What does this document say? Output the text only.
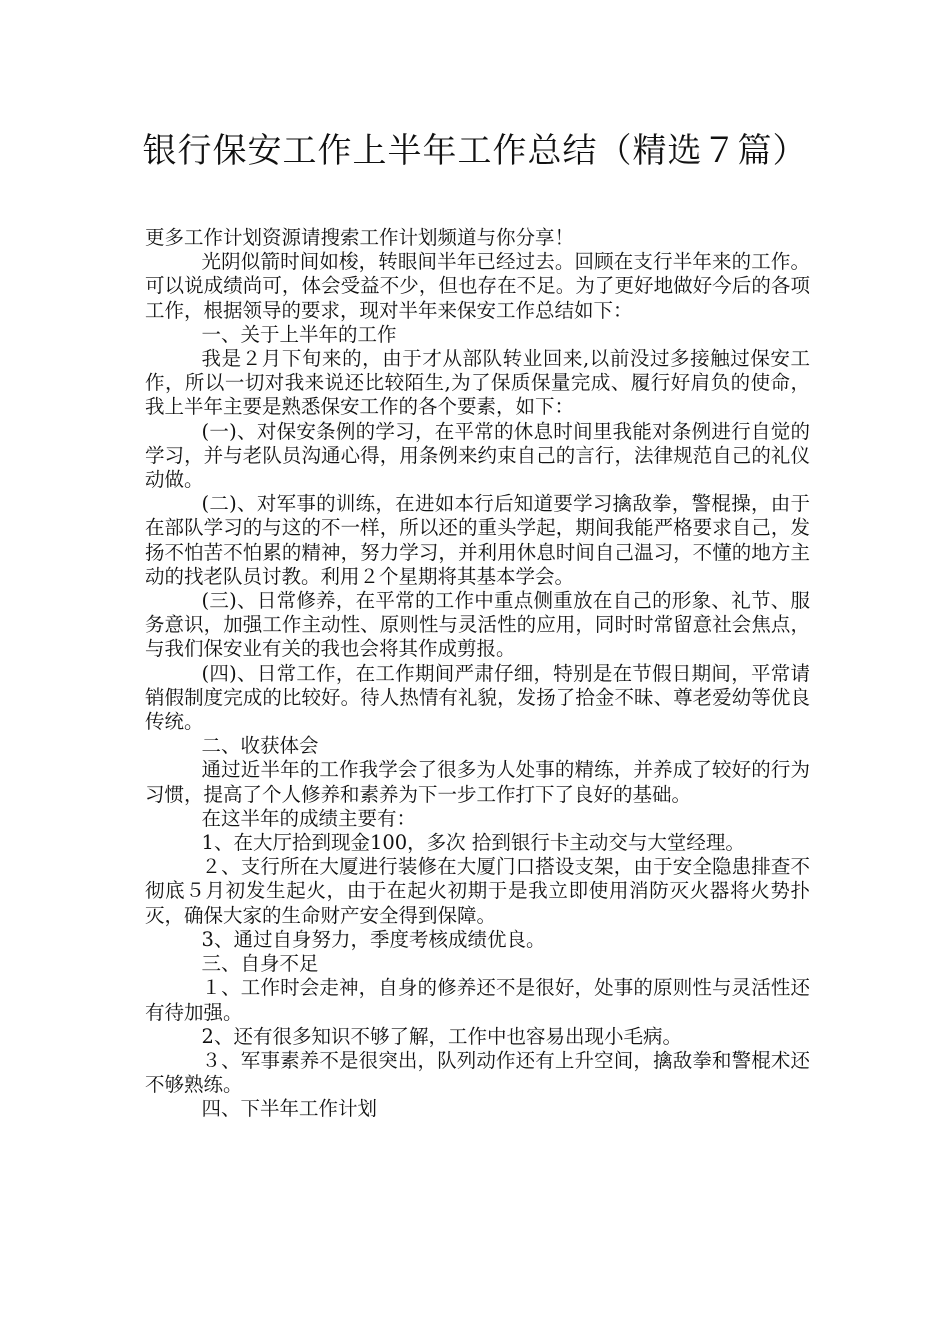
银行保安工作上半年工作总结（精选７篇）

更多工作计划资源请搜索工作计划频道与你分享！

光阴似箭时间如梭，转眼间半年已经过去。回顾在支行半年来的工作。可以说成绩尚可，体会受益不少，但也存在不足。为了更好地做好今后的各项工作，根据领导的要求，现对半年来保安工作总结如下：

一、关于上半年的工作

我是２月下旬来的，由于才从部队转业回来,以前没过多接触过保安工作，所以一切对我来说还比较陌生,为了保质保量完成、履行好肩负的使命，我上半年主要是熟悉保安工作的各个要素，如下：

(一)、对保安条例的学习，在平常的休息时间里我能对条例进行自觉的学习，并与老队员沟通心得，用条例来约束自己的言行，法律规范自己的礼仪动做。

(二)、对军事的训练，在进如本行后知道要学习擒敌拳，警棍操，由于在部队学习的与这的不一样，所以还的重头学起，期间我能严格要求自己，发扬不怕苦不怕累的精神，努力学习，并利用休息时间自己温习，不懂的地方主动的找老队员讨教。利用２个星期将其基本学会。

(三)、日常修养，在平常的工作中重点侧重放在自己的形象、礼节、服务意识，加强工作主动性、原则性与灵活性的应用，同时时常留意社会焦点，与我们保安业有关的我也会将其作成剪报。

(四)、日常工作，在工作期间严肃仔细，特别是在节假日期间，平常请销假制度完成的比较好。待人热情有礼貌，发扬了拾金不昧、尊老爱幼等优良传统。

二、收获体会

通过近半年的工作我学会了很多为人处事的精练，并养成了较好的行为习惯，提高了个人修养和素养为下一步工作打下了良好的基础。

在这半年的成绩主要有：

1、在大厅拾到现金100，多次 拾到银行卡主动交与大堂经理。

２、支行所在大厦进行装修在大厦门口搭设支架，由于安全隐患排查不彻底５月初发生起火，由于在起火初期于是我立即使用消防灭火器将火势扑灭，确保大家的生命财产安全得到保障。

3、通过自身努力，季度考核成绩优良。

三、自身不足

１、工作时会走神，自身的修养还不是很好，处事的原则性与灵活性还有待加强。

2、还有很多知识不够了解，工作中也容易出现小毛病。

３、军事素养不是很突出，队列动作还有上升空间，擒敌拳和警棍术还不够熟练。

四、下半年工作计划
